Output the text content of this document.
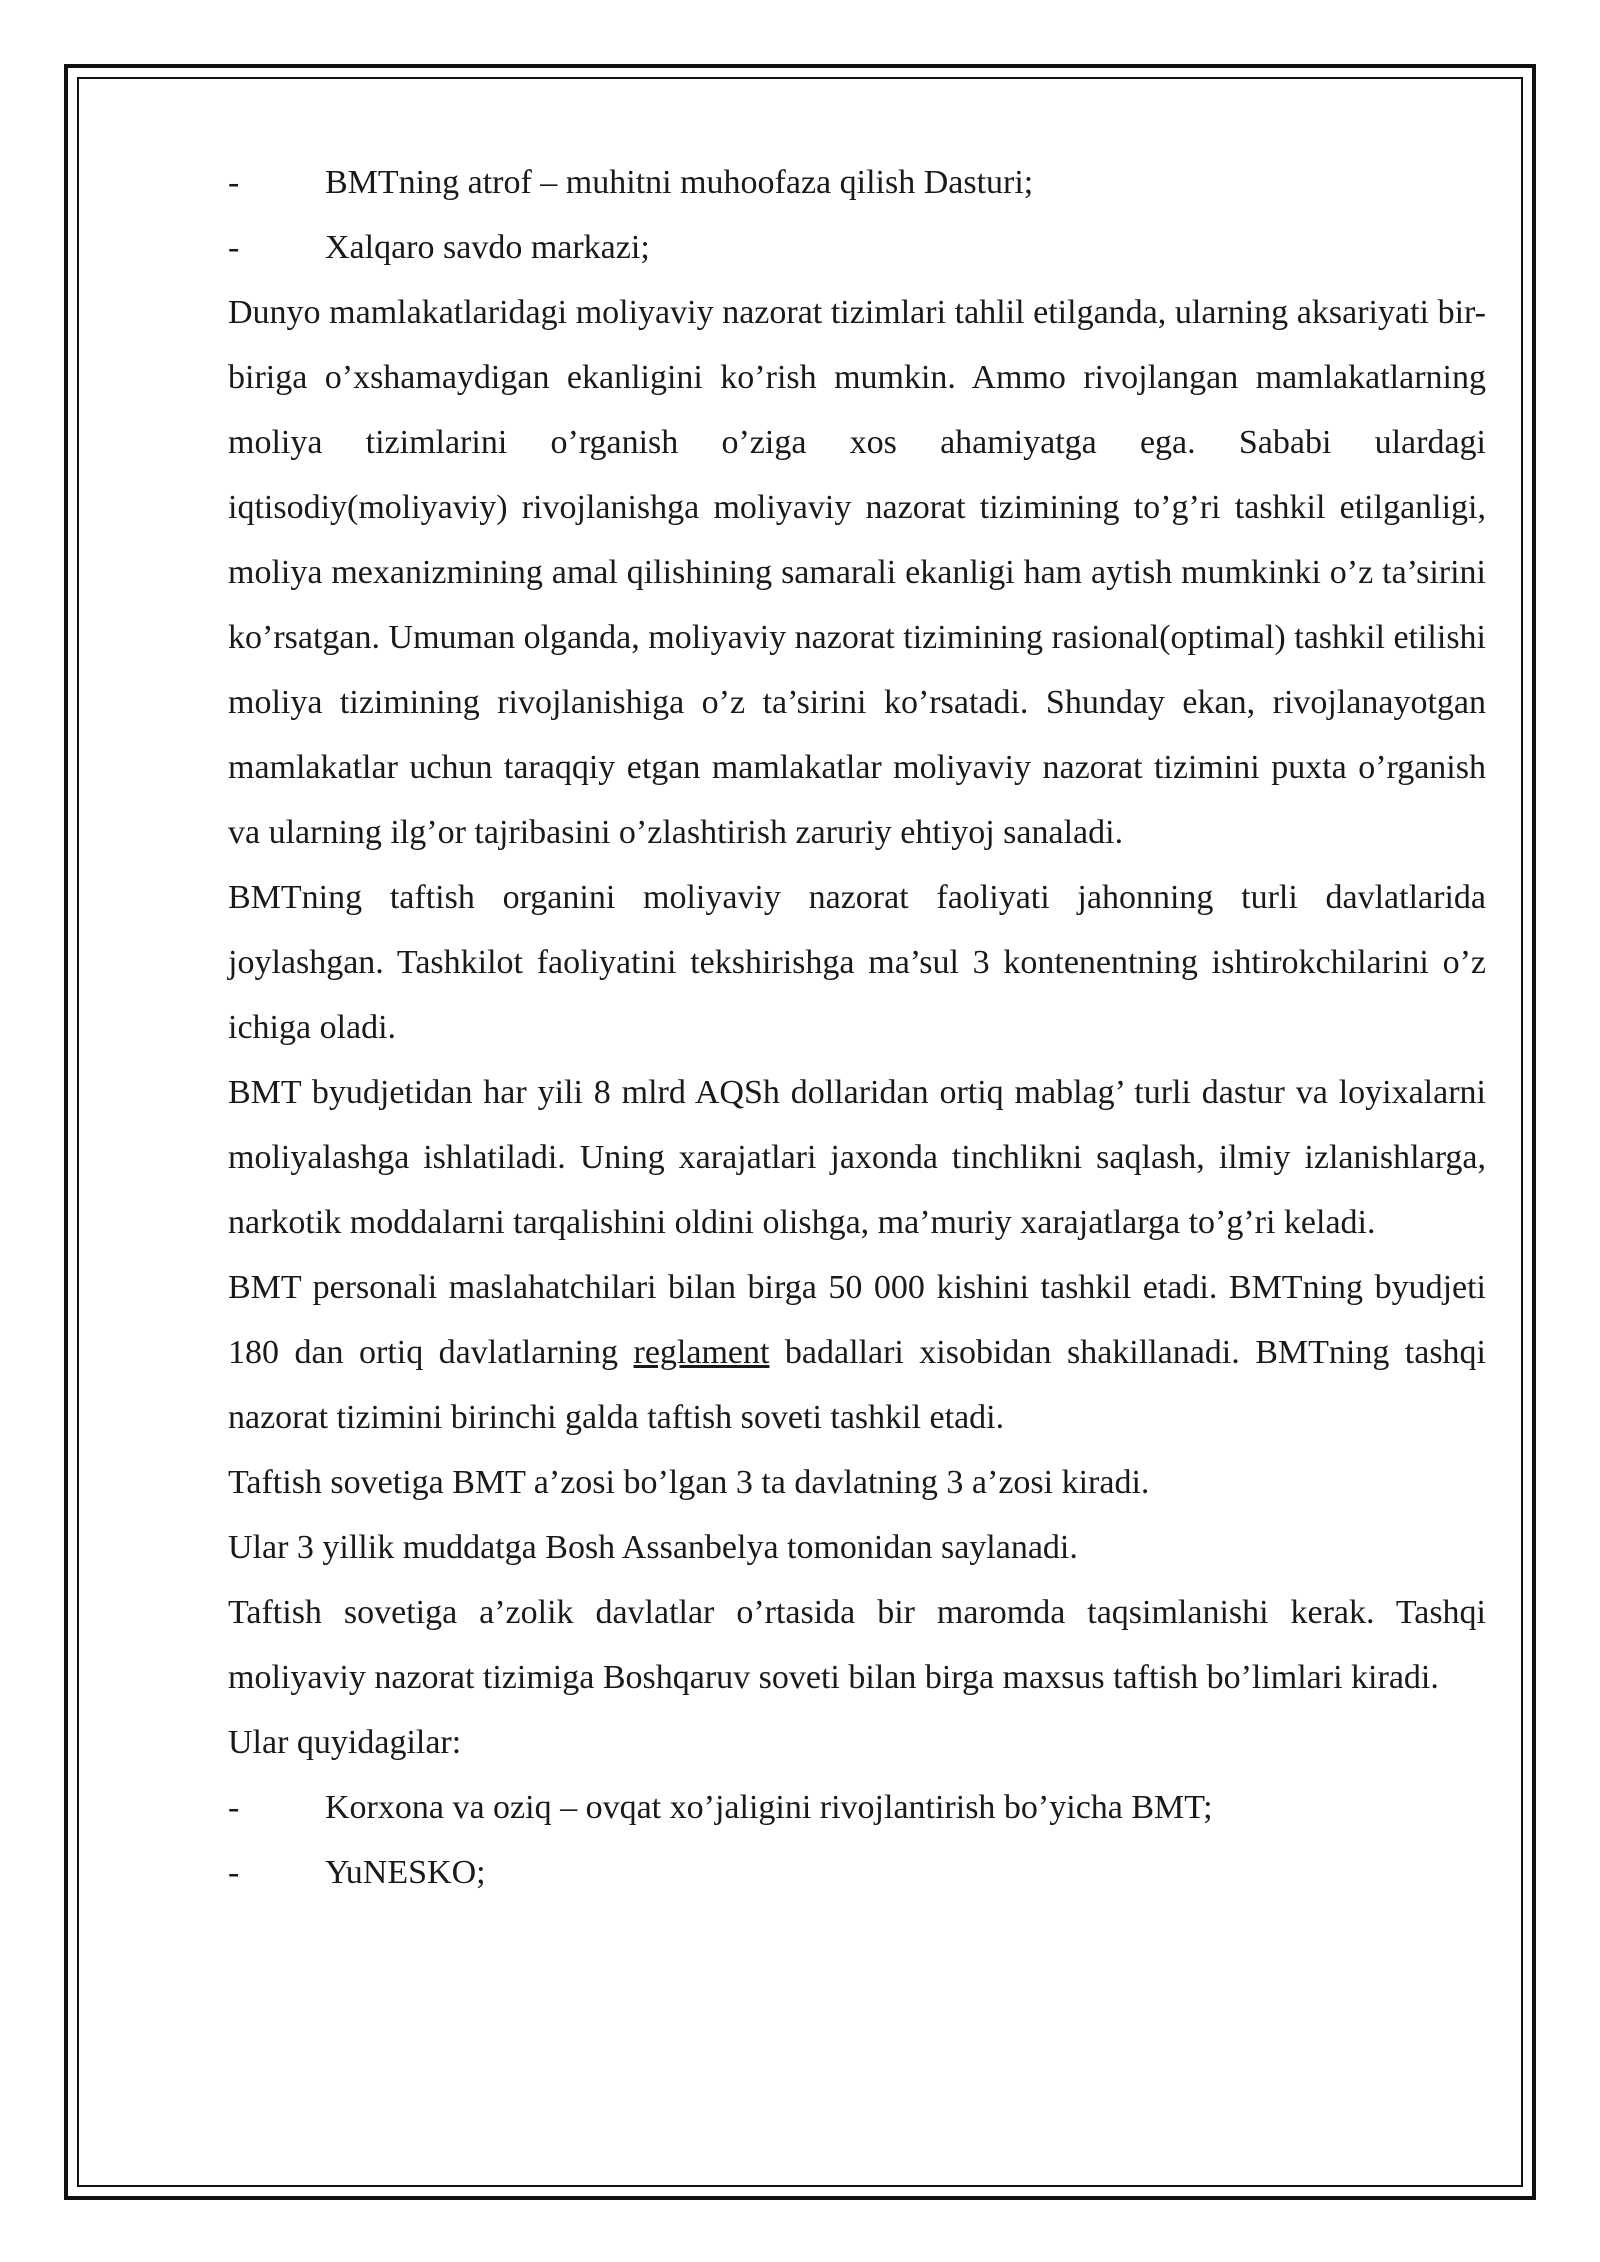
-	BMTning atrof – muhitni muhoofaza qilish Dasturi;
-	Xalqaro savdo markazi;

Dunyo mamlakatlaridagi moliyaviy nazorat tizimlari tahlil etilganda, ularning aksariyati bir-biriga o’xshamaydigan ekanligini ko’rish mumkin. Ammo rivojlangan mamlakatlarning moliya tizimlarini o’rganish o’ziga xos ahamiyatga ega. Sababi ulardagi iqtisodiy(moliyaviy) rivojlanishga moliyaviy nazorat tizimining to’g’ri tashkil etilganligi, moliya mexanizmining amal qilishining samarali ekanligi ham aytish mumkinki o’z ta’sirini ko’rsatgan. Umuman olganda, moliyaviy nazorat tizimining rasional(optimal) tashkil etilishi moliya tizimining rivojlanishiga o’z ta’sirini ko’rsatadi. Shunday ekan, rivojlanayotgan mamlakatlar uchun taraqqiy etgan mamlakatlar moliyaviy nazorat tizimini puxta o’rganish va ularning ilg’or tajribasini o’zlashtirish zaruriy ehtiyoj sanaladi.

BMTning taftish organini moliyaviy nazorat faoliyati jahonning turli davlatlarida joylashgan. Tashkilot faoliyatini tekshirishga ma’sul 3 kontenentning ishtirokchilarini o’z ichiga oladi.

BMT byudjetidan har yili 8 mlrd AQSh dollaridan ortiq mablag’ turli dastur va loyixalarni moliyalashga ishlatiladi. Uning xarajatlari jaxonda tinchlikni saqlash, ilmiy izlanishlarga, narkotik moddalarni tarqalishini oldini olishga, ma’muriy xarajatlarga to’g’ri keladi.

BMT personali maslahatchilari bilan birga 50 000 kishini tashkil etadi. BMTning byudjeti 180 dan ortiq davlatlarning reglament badallari xisobidan shakillanadi. BMTning tashqi nazorat tizimini birinchi galda taftish soveti tashkil etadi.

Taftish sovetiga BMT a’zosi bo’lgan 3 ta davlatning 3 a’zosi kiradi.

Ular 3 yillik muddatga Bosh Assanbelya tomonidan saylanadi.

Taftish sovetiga a’zolik davlatlar o’rtasida bir maromda taqsimlanishi kerak. Tashqi moliyaviy nazorat tizimiga Boshqaruv soveti bilan birga maxsus taftish bo’limlari kiradi.

Ular quyidagilar:

-	Korxona va oziq – ovqat xo’jaligini rivojlantirish bo’yicha BMT;
-	YuNESKO;
